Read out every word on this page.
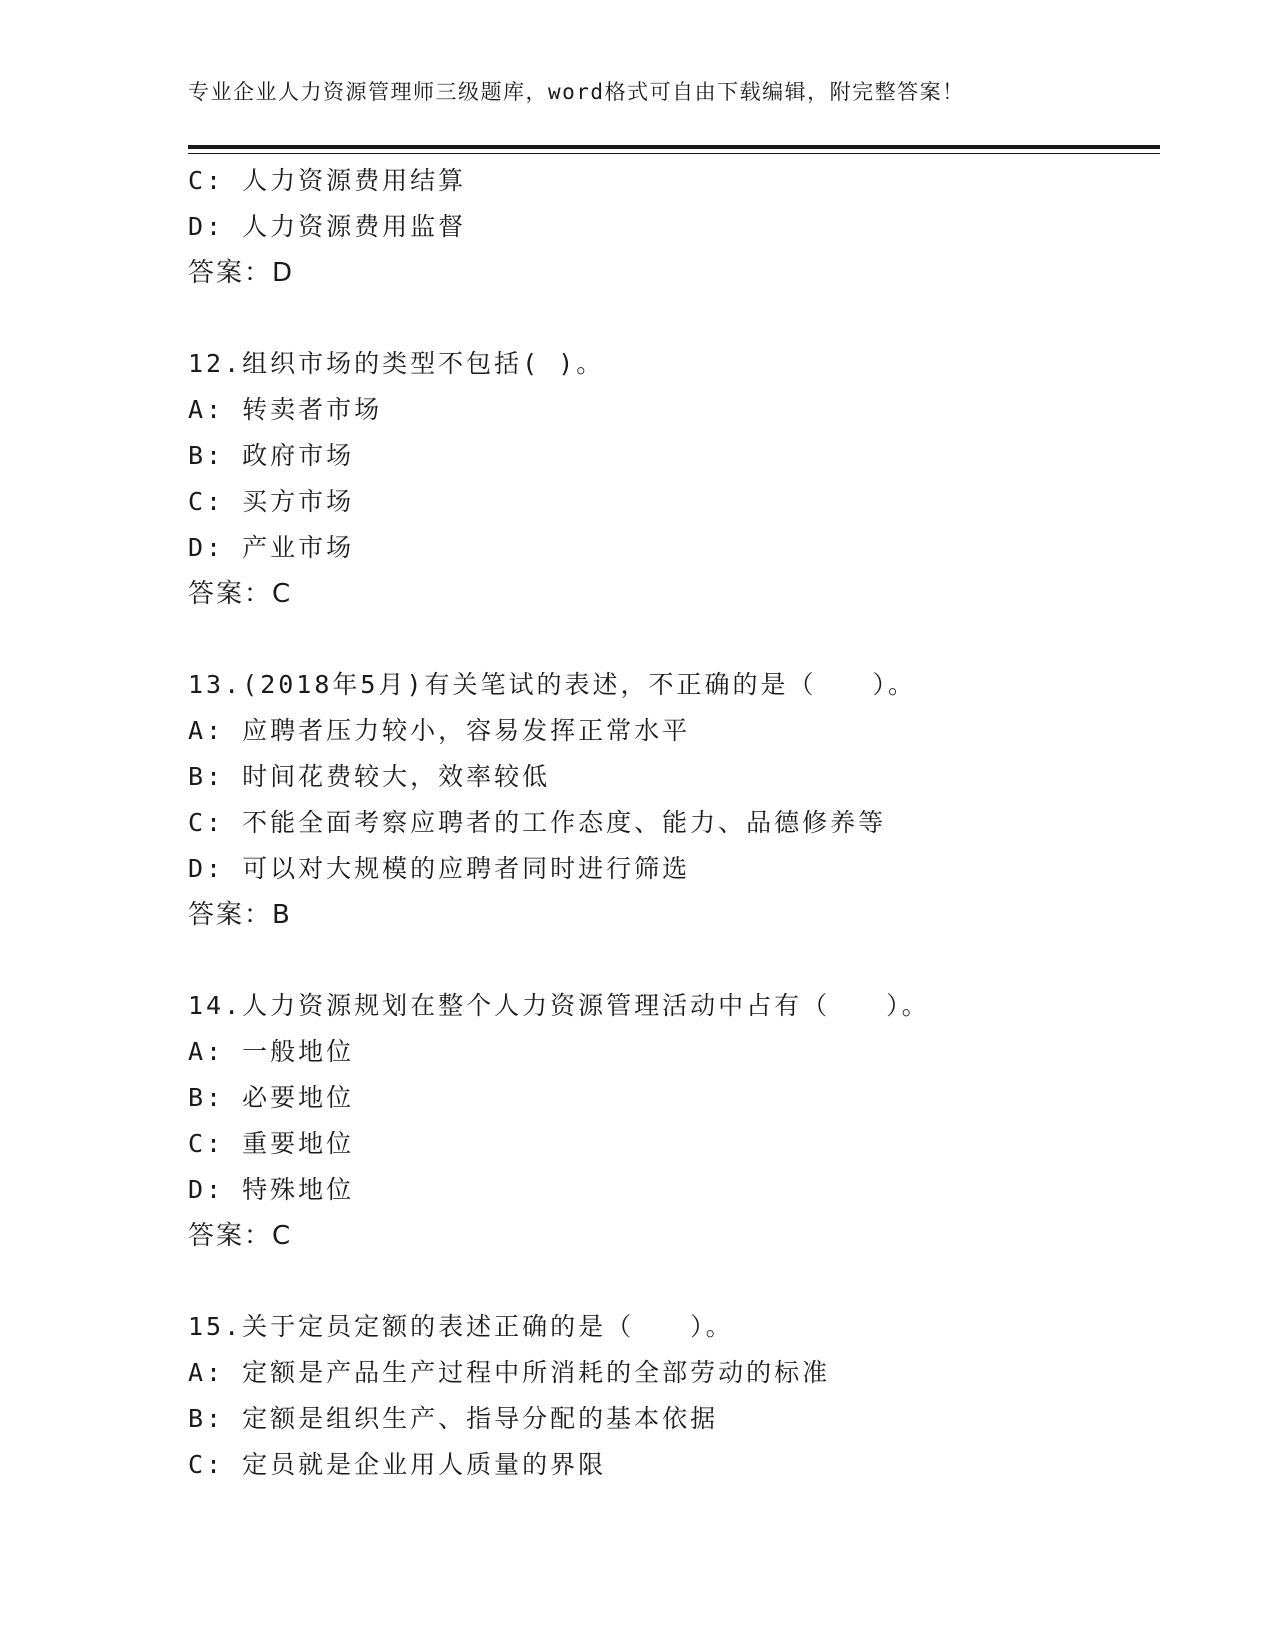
专业企业人力资源管理师三级题库，word格式可自由下载编辑，附完整答案！
C: 人力资源费用结算
D: 人力资源费用监督
答案：D
12.组织市场的类型不包括( )。
A: 转卖者市场
B: 政府市场
C: 买方市场
D: 产业市场
答案：C
13.(2018年5月)有关笔试的表述，不正确的是（　　）。
A: 应聘者压力较小，容易发挥正常水平
B: 时间花费较大，效率较低
C: 不能全面考察应聘者的工作态度、能力、品德修养等
D: 可以对大规模的应聘者同时进行筛选
答案：B
14.人力资源规划在整个人力资源管理活动中占有（　　）。
A: 一般地位
B: 必要地位
C: 重要地位
D: 特殊地位
答案：C
15.关于定员定额的表述正确的是（　　）。
A: 定额是产品生产过程中所消耗的全部劳动的标准
B: 定额是组织生产、指导分配的基本依据
C: 定员就是企业用人质量的界限
